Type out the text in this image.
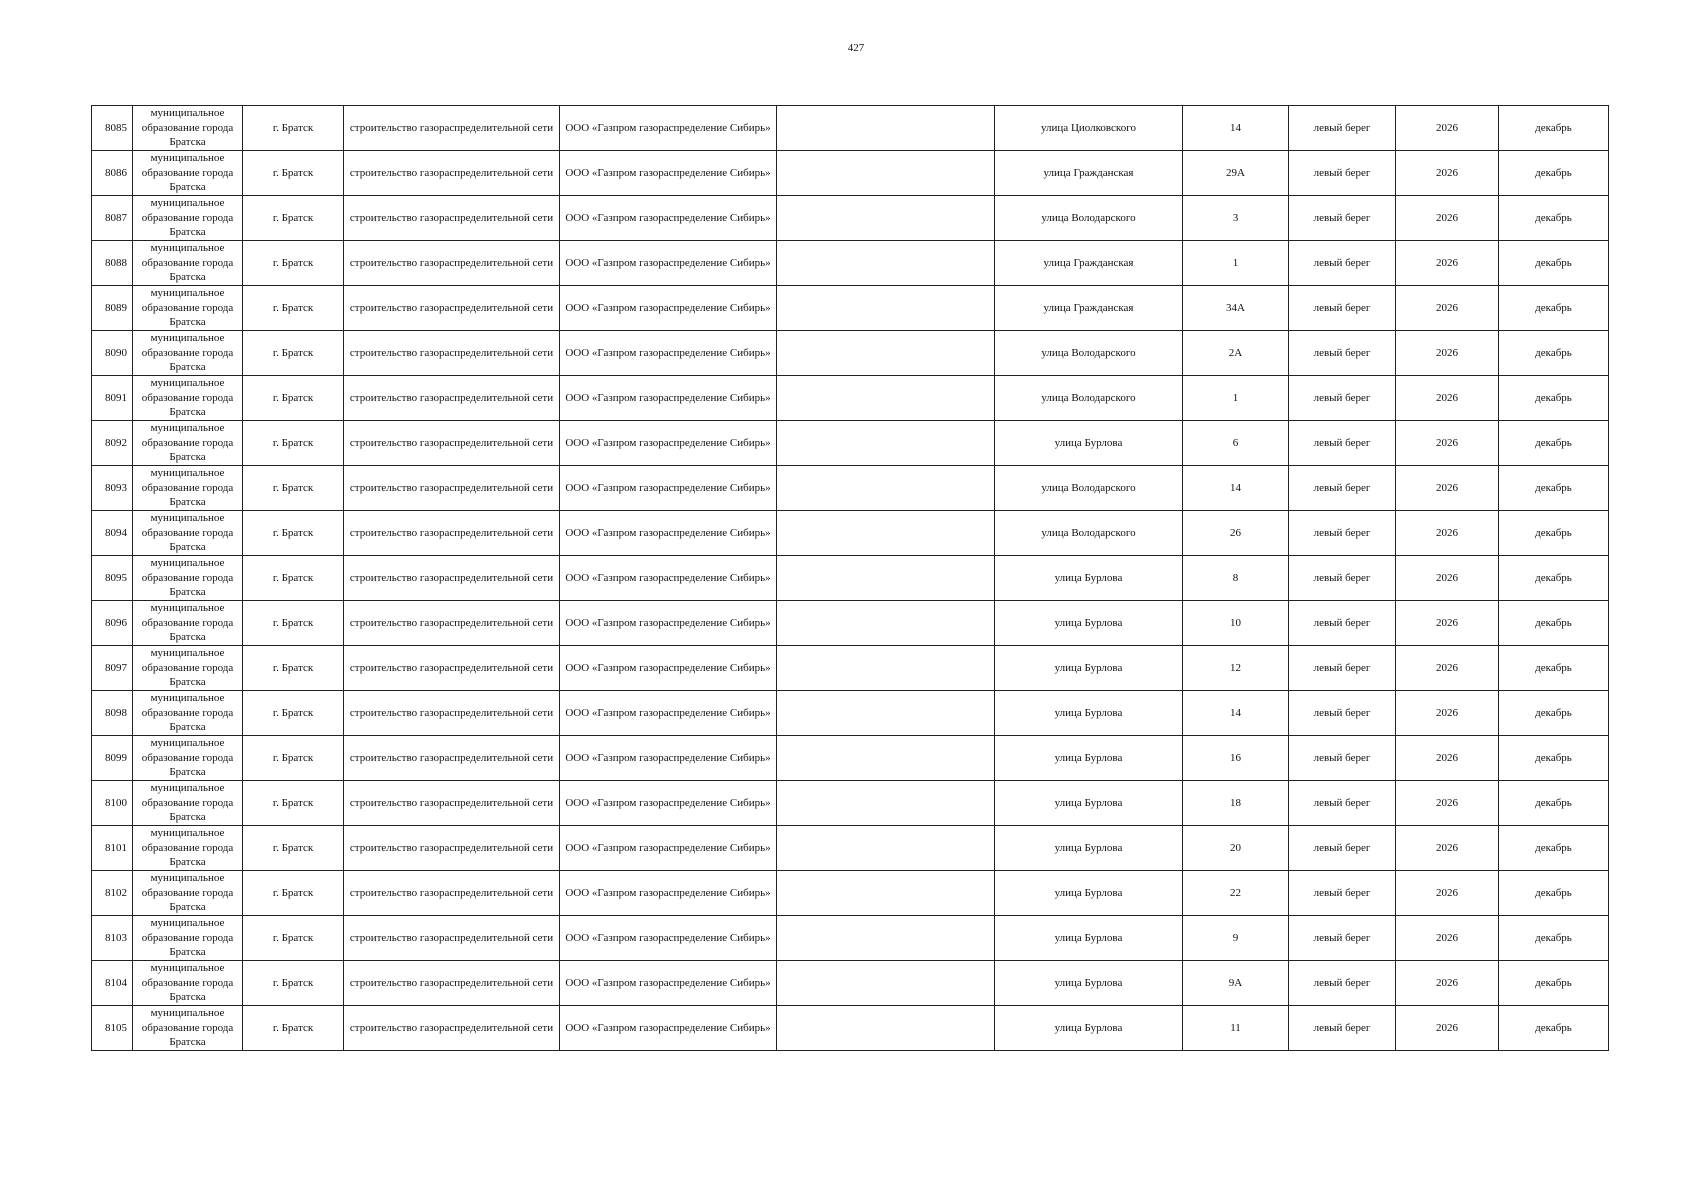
427
8085	муниципальное образование города Братска	г. Братск	строительство газораспределительной сети	ООО «Газпром газораспределение Сибирь»		улица Циолковского	14	левый берег	2026	декабрь
8086	муниципальное образование города Братска	г. Братск	строительство газораспределительной сети	ООО «Газпром газораспределение Сибирь»		улица Гражданская	29А	левый берег	2026	декабрь
8087	муниципальное образование города Братска	г. Братск	строительство газораспределительной сети	ООО «Газпром газораспределение Сибирь»		улица Володарского	3	левый берег	2026	декабрь
8088	муниципальное образование города Братска	г. Братск	строительство газораспределительной сети	ООО «Газпром газораспределение Сибирь»		улица Гражданская	1	левый берег	2026	декабрь
8089	муниципальное образование города Братска	г. Братск	строительство газораспределительной сети	ООО «Газпром газораспределение Сибирь»		улица Гражданская	34А	левый берег	2026	декабрь
8090	муниципальное образование города Братска	г. Братск	строительство газораспределительной сети	ООО «Газпром газораспределение Сибирь»		улица Володарского	2А	левый берег	2026	декабрь
8091	муниципальное образование города Братска	г. Братск	строительство газораспределительной сети	ООО «Газпром газораспределение Сибирь»		улица Володарского	1	левый берег	2026	декабрь
8092	муниципальное образование города Братска	г. Братск	строительство газораспределительной сети	ООО «Газпром газораспределение Сибирь»		улица Бурлова	6	левый берег	2026	декабрь
8093	муниципальное образование города Братска	г. Братск	строительство газораспределительной сети	ООО «Газпром газораспределение Сибирь»		улица Володарского	14	левый берег	2026	декабрь
8094	муниципальное образование города Братска	г. Братск	строительство газораспределительной сети	ООО «Газпром газораспределение Сибирь»		улица Володарского	26	левый берег	2026	декабрь
8095	муниципальное образование города Братска	г. Братск	строительство газораспределительной сети	ООО «Газпром газораспределение Сибирь»		улица Бурлова	8	левый берег	2026	декабрь
8096	муниципальное образование города Братска	г. Братск	строительство газораспределительной сети	ООО «Газпром газораспределение Сибирь»		улица Бурлова	10	левый берег	2026	декабрь
8097	муниципальное образование города Братска	г. Братск	строительство газораспределительной сети	ООО «Газпром газораспределение Сибирь»		улица Бурлова	12	левый берег	2026	декабрь
8098	муниципальное образование города Братска	г. Братск	строительство газораспределительной сети	ООО «Газпром газораспределение Сибирь»		улица Бурлова	14	левый берег	2026	декабрь
8099	муниципальное образование города Братска	г. Братск	строительство газораспределительной сети	ООО «Газпром газораспределение Сибирь»		улица Бурлова	16	левый берег	2026	декабрь
8100	муниципальное образование города Братска	г. Братск	строительство газораспределительной сети	ООО «Газпром газораспределение Сибирь»		улица Бурлова	18	левый берег	2026	декабрь
8101	муниципальное образование города Братска	г. Братск	строительство газораспределительной сети	ООО «Газпром газораспределение Сибирь»		улица Бурлова	20	левый берег	2026	декабрь
8102	муниципальное образование города Братска	г. Братск	строительство газораспределительной сети	ООО «Газпром газораспределение Сибирь»		улица Бурлова	22	левый берег	2026	декабрь
8103	муниципальное образование города Братска	г. Братск	строительство газораспределительной сети	ООО «Газпром газораспределение Сибирь»		улица Бурлова	9	левый берег	2026	декабрь
8104	муниципальное образование города Братска	г. Братск	строительство газораспределительной сети	ООО «Газпром газораспределение Сибирь»		улица Бурлова	9А	левый берег	2026	декабрь
8105	муниципальное образование города Братска	г. Братск	строительство газораспределительной сети	ООО «Газпром газораспределение Сибирь»		улица Бурлова	11	левый берег	2026	декабрь
